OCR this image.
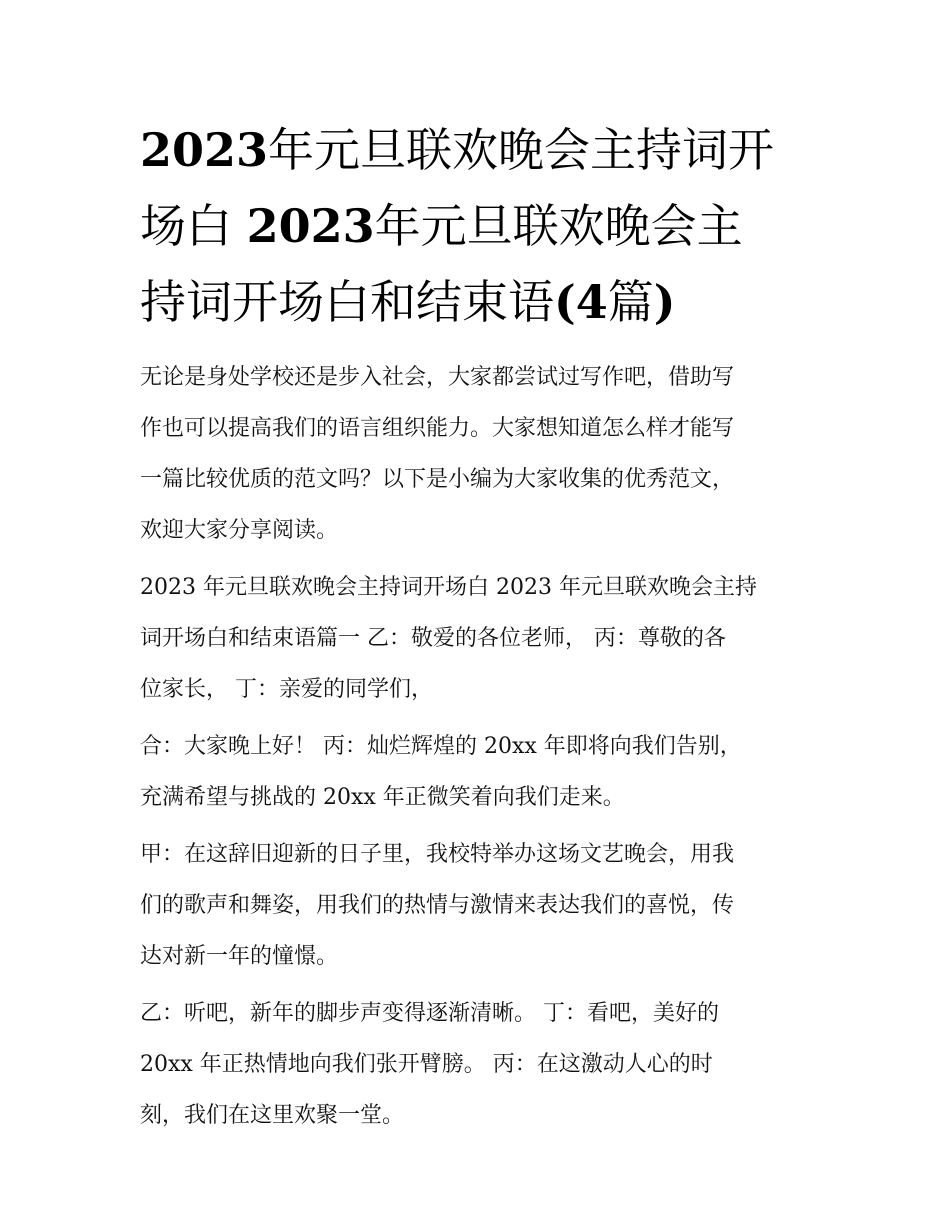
2023年元旦联欢晚会主持词开
场白 2023年元旦联欢晚会主
持词开场白和结束语(4篇)

无论是身处学校还是步入社会，大家都尝试过写作吧，借助写
作也可以提高我们的语言组织能力。大家想知道怎么样才能写
一篇比较优质的范文吗？以下是小编为大家收集的优秀范文，
欢迎大家分享阅读。

2023 年元旦联欢晚会主持词开场白 2023 年元旦联欢晚会主持
词开场白和结束语篇一 乙：敬爱的各位老师， 丙：尊敬的各
位家长， 丁：亲爱的同学们，

合：大家晚上好！ 丙：灿烂辉煌的 20xx 年即将向我们告别，
充满希望与挑战的 20xx 年正微笑着向我们走来。

甲：在这辞旧迎新的日子里，我校特举办这场文艺晚会，用我
们的歌声和舞姿，用我们的热情与激情来表达我们的喜悦，传
达对新一年的憧憬。

乙：听吧，新年的脚步声变得逐渐清晰。 丁：看吧，美好的
20xx 年正热情地向我们张开臂膀。 丙：在这激动人心的时
刻，我们在这里欢聚一堂。
